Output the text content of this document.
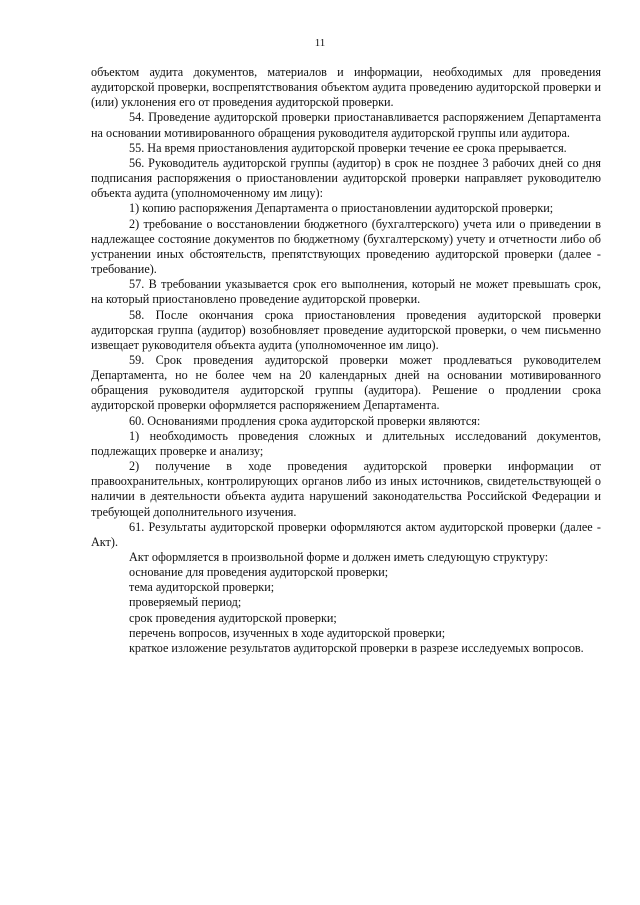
11

объектом аудита документов, материалов и информации, необходимых для проведения аудиторской проверки, воспрепятствования объектом аудита проведению аудиторской проверки и (или) уклонения его от проведения аудиторской проверки.

54. Проведение аудиторской проверки приостанавливается распоряжением Департамента на основании мотивированного обращения руководителя аудиторской группы или аудитора.

55. На время приостановления аудиторской проверки течение ее срока прерывается.

56. Руководитель аудиторской группы (аудитор) в срок не позднее 3 рабочих дней со дня подписания распоряжения о приостановлении аудиторской проверки направляет руководителю объекта аудита (уполномоченному им лицу):

1) копию распоряжения Департамента о приостановлении аудиторской проверки;

2) требование о восстановлении бюджетного (бухгалтерского) учета или о приведении в надлежащее состояние документов по бюджетному (бухгалтерскому) учету и отчетности либо об устранении иных обстоятельств, препятствующих проведению аудиторской проверки (далее - требование).

57. В требовании указывается срок его выполнения, который не может превышать срок, на который приостановлено проведение аудиторской проверки.

58. После окончания срока приостановления проведения аудиторской проверки аудиторская группа (аудитор) возобновляет проведение аудиторской проверки, о чем письменно извещает руководителя объекта аудита (уполномоченное им лицо).

59. Срок проведения аудиторской проверки может продлеваться руководителем Департамента, но не более чем на 20 календарных дней на основании мотивированного обращения руководителя аудиторской группы (аудитора). Решение о продлении срока аудиторской проверки оформляется распоряжением Департамента.

60. Основаниями продления срока аудиторской проверки являются:

1) необходимость проведения сложных и длительных исследований документов, подлежащих проверке и анализу;

2) получение в ходе проведения аудиторской проверки информации от правоохранительных, контролирующих органов либо из иных источников, свидетельствующей о наличии в деятельности объекта аудита нарушений законодательства Российской Федерации и требующей дополнительного изучения.

61. Результаты аудиторской проверки оформляются актом аудиторской проверки (далее - Акт).

Акт оформляется в произвольной форме и должен иметь следующую структуру:

основание для проведения аудиторской проверки;

тема аудиторской проверки;

проверяемый период;

срок проведения аудиторской проверки;

перечень вопросов, изученных в ходе аудиторской проверки;

краткое изложение результатов аудиторской проверки в разрезе исследуемых вопросов.
